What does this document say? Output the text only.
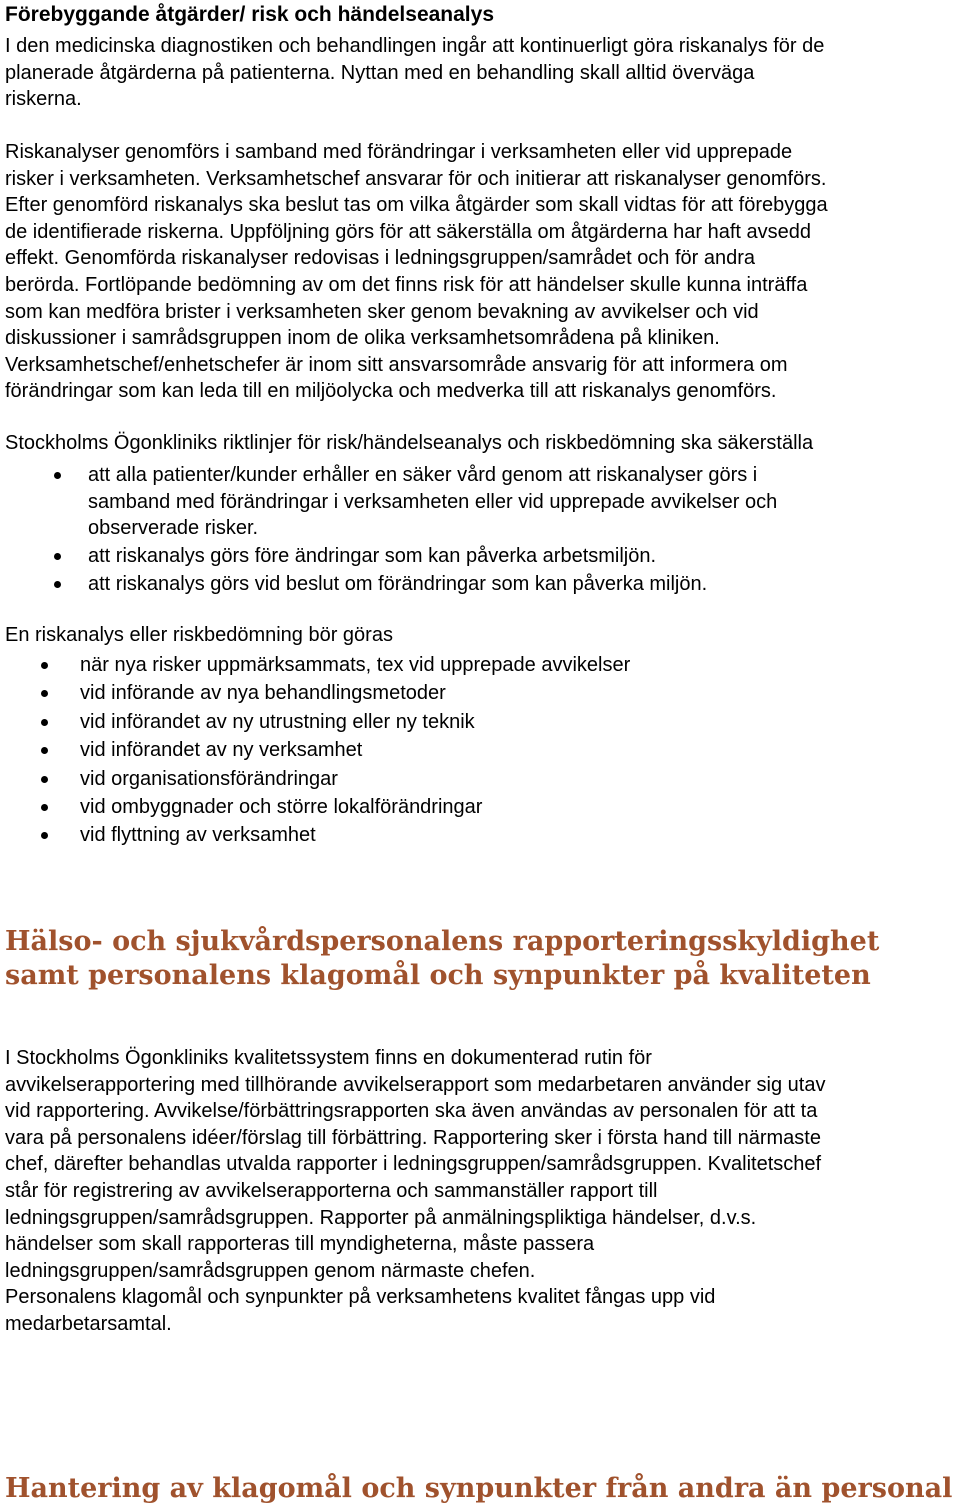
Förebyggande åtgärder/ risk och händelseanalys

I den medicinska diagnostiken och behandlingen ingår att kontinuerligt göra riskanalys för de
planerade åtgärderna på patienterna. Nyttan med en behandling skall alltid överväga
riskerna.

Riskanalyser genomförs i samband med förändringar i verksamheten eller vid upprepade
risker i verksamheten. Verksamhetschef ansvarar för och initierar att riskanalyser genomförs.
Efter genomförd riskanalys ska beslut tas om vilka åtgärder som skall vidtas för att förebygga
de identifierade riskerna. Uppföljning görs för att säkerställa om åtgärderna har haft avsedd
effekt. Genomförda riskanalyser redovisas i ledningsgruppen/samrådet och för andra
berörda. Fortlöpande bedömning av om det finns risk för att händelser skulle kunna inträffa
som kan medföra brister i verksamheten sker genom bevakning av avvikelser och vid
diskussioner i samrådsgruppen inom de olika verksamhetsområdena på kliniken.
Verksamhetschef/enhetschefer är inom sitt ansvarsområde ansvarig för att informera om
förändringar som kan leda till en miljöolycka och medverka till att riskanalys genomförs.

Stockholms Ögonkliniks riktlinjer för risk/händelseanalys och riskbedömning ska säkerställa

att alla patienter/kunder erhåller en säker vård genom att riskanalyser görs i
samband med förändringar i verksamheten eller vid upprepade avvikelser och
observerade risker.
att riskanalys görs före ändringar som kan påverka arbetsmiljön.
att riskanalys görs vid beslut om förändringar som kan påverka miljön.

En riskanalys eller riskbedömning bör göras

när nya risker uppmärksammats, tex vid upprepade avvikelser
vid införande av nya behandlingsmetoder
vid införandet av ny utrustning eller ny teknik
vid införandet av ny verksamhet
vid organisationsförändringar
vid ombyggnader och större lokalförändringar
vid flyttning av verksamhet
Hälso- och sjukvårdspersonalens rapporteringsskyldighet
samt personalens klagomål och synpunkter på kvaliteten

I Stockholms Ögonkliniks kvalitetssystem finns en dokumenterad rutin för
avvikelserapportering med tillhörande avvikelserapport som medarbetaren använder sig utav
vid rapportering. Avvikelse/förbättringsrapporten ska även användas av personalen för att ta
vara på personalens idéer/förslag till förbättring. Rapportering sker i första hand till närmaste
chef, därefter behandlas utvalda rapporter i ledningsgruppen/samrådsgruppen. Kvalitetschef
står för registrering av avvikelserapporterna och sammanställer rapport till
ledningsgruppen/samrådsgruppen. Rapporter på anmälningspliktiga händelser, d.v.s.
händelser som skall rapporteras till myndigheterna, måste passera
ledningsgruppen/samrådsgruppen genom närmaste chefen.
Personalens klagomål och synpunkter på verksamhetens kvalitet fångas upp vid
medarbetarsamtal.

Hantering av klagomål och synpunkter från andra än personal
